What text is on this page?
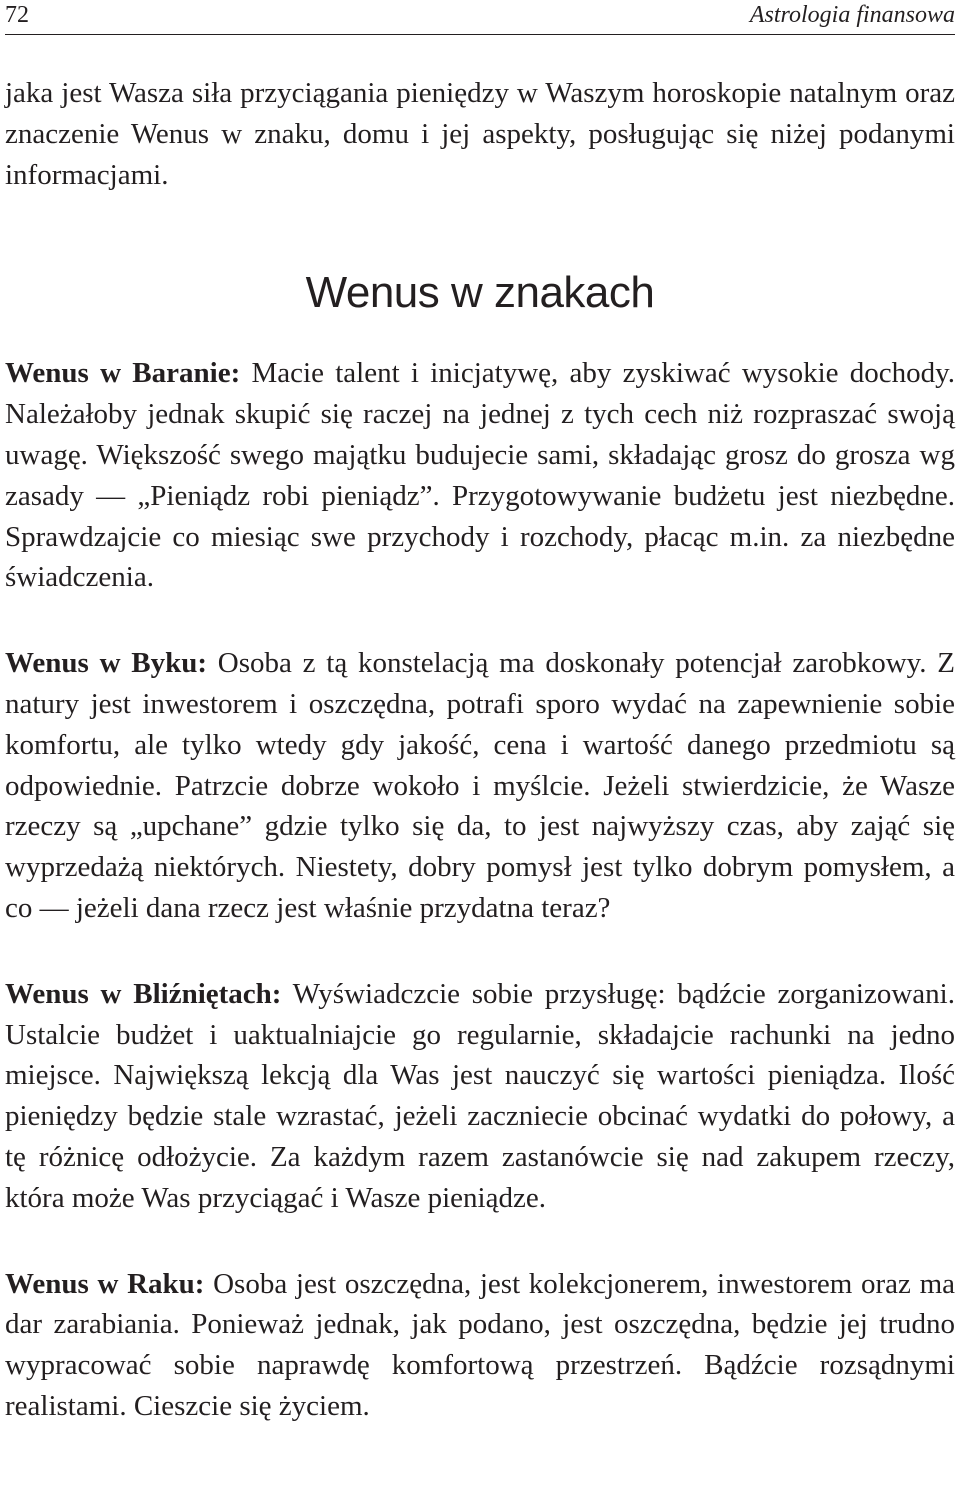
72	Astrologia finansowa

jaka jest Wasza siła przyciągania pieniędzy w Waszym horoskopie natalnym oraz znaczenie Wenus w znaku, domu i jej aspekty, posługując się niżej podanymi informacjami.

Wenus w znakach

Wenus w Baranie: Macie talent i inicjatywę, aby zyskiwać wysokie dochody. Należałoby jednak skupić się raczej na jednej z tych cech niż rozpraszać swoją uwagę. Większość swego majątku budujecie sami, składając grosz do grosza wg zasady — „Pieniądz robi pieniądz”. Przygotowywanie budżetu jest niezbędne. Sprawdzajcie co miesiąc swe przychody i rozchody, płacąc m.in. za niezbędne świadczenia.

Wenus w Byku: Osoba z tą konstelacją ma doskonały potencjał zarobkowy. Z natury jest inwestorem i oszczędna, potrafi sporo wydać na zapewnienie sobie komfortu, ale tylko wtedy gdy jakość, cena i wartość danego przedmiotu są odpowiednie. Patrzcie dobrze wokoło i myślcie. Jeżeli stwierdzicie, że Wasze rzeczy są „upchane” gdzie tylko się da, to jest najwyższy czas, aby zająć się wyprzedażą niektórych. Niestety, dobry pomysł jest tylko dobrym pomysłem, a co — jeżeli dana rzecz jest właśnie przydatna teraz?

Wenus w Bliźniętach: Wyświadczcie sobie przysługę: bądźcie zorganizowani. Ustalcie budżet i uaktualniajcie go regularnie, składajcie rachunki na jedno miejsce. Największą lekcją dla Was jest nauczyć się wartości pieniądza. Ilość pieniędzy będzie stale wzrastać, jeżeli zaczniecie obcinać wydatki do połowy, a tę różnicę odłożycie. Za każdym razem zastanówcie się nad zakupem rzeczy, która może Was przyciągać i Wasze pieniądze.

Wenus w Raku: Osoba jest oszczędna, jest kolekcjonerem, inwestorem oraz ma dar zarabiania. Ponieważ jednak, jak podano, jest oszczędna, będzie jej trudno wypracować sobie naprawdę komfortową przestrzeń. Bądźcie rozsądnymi realistami. Cieszcie się życiem.
